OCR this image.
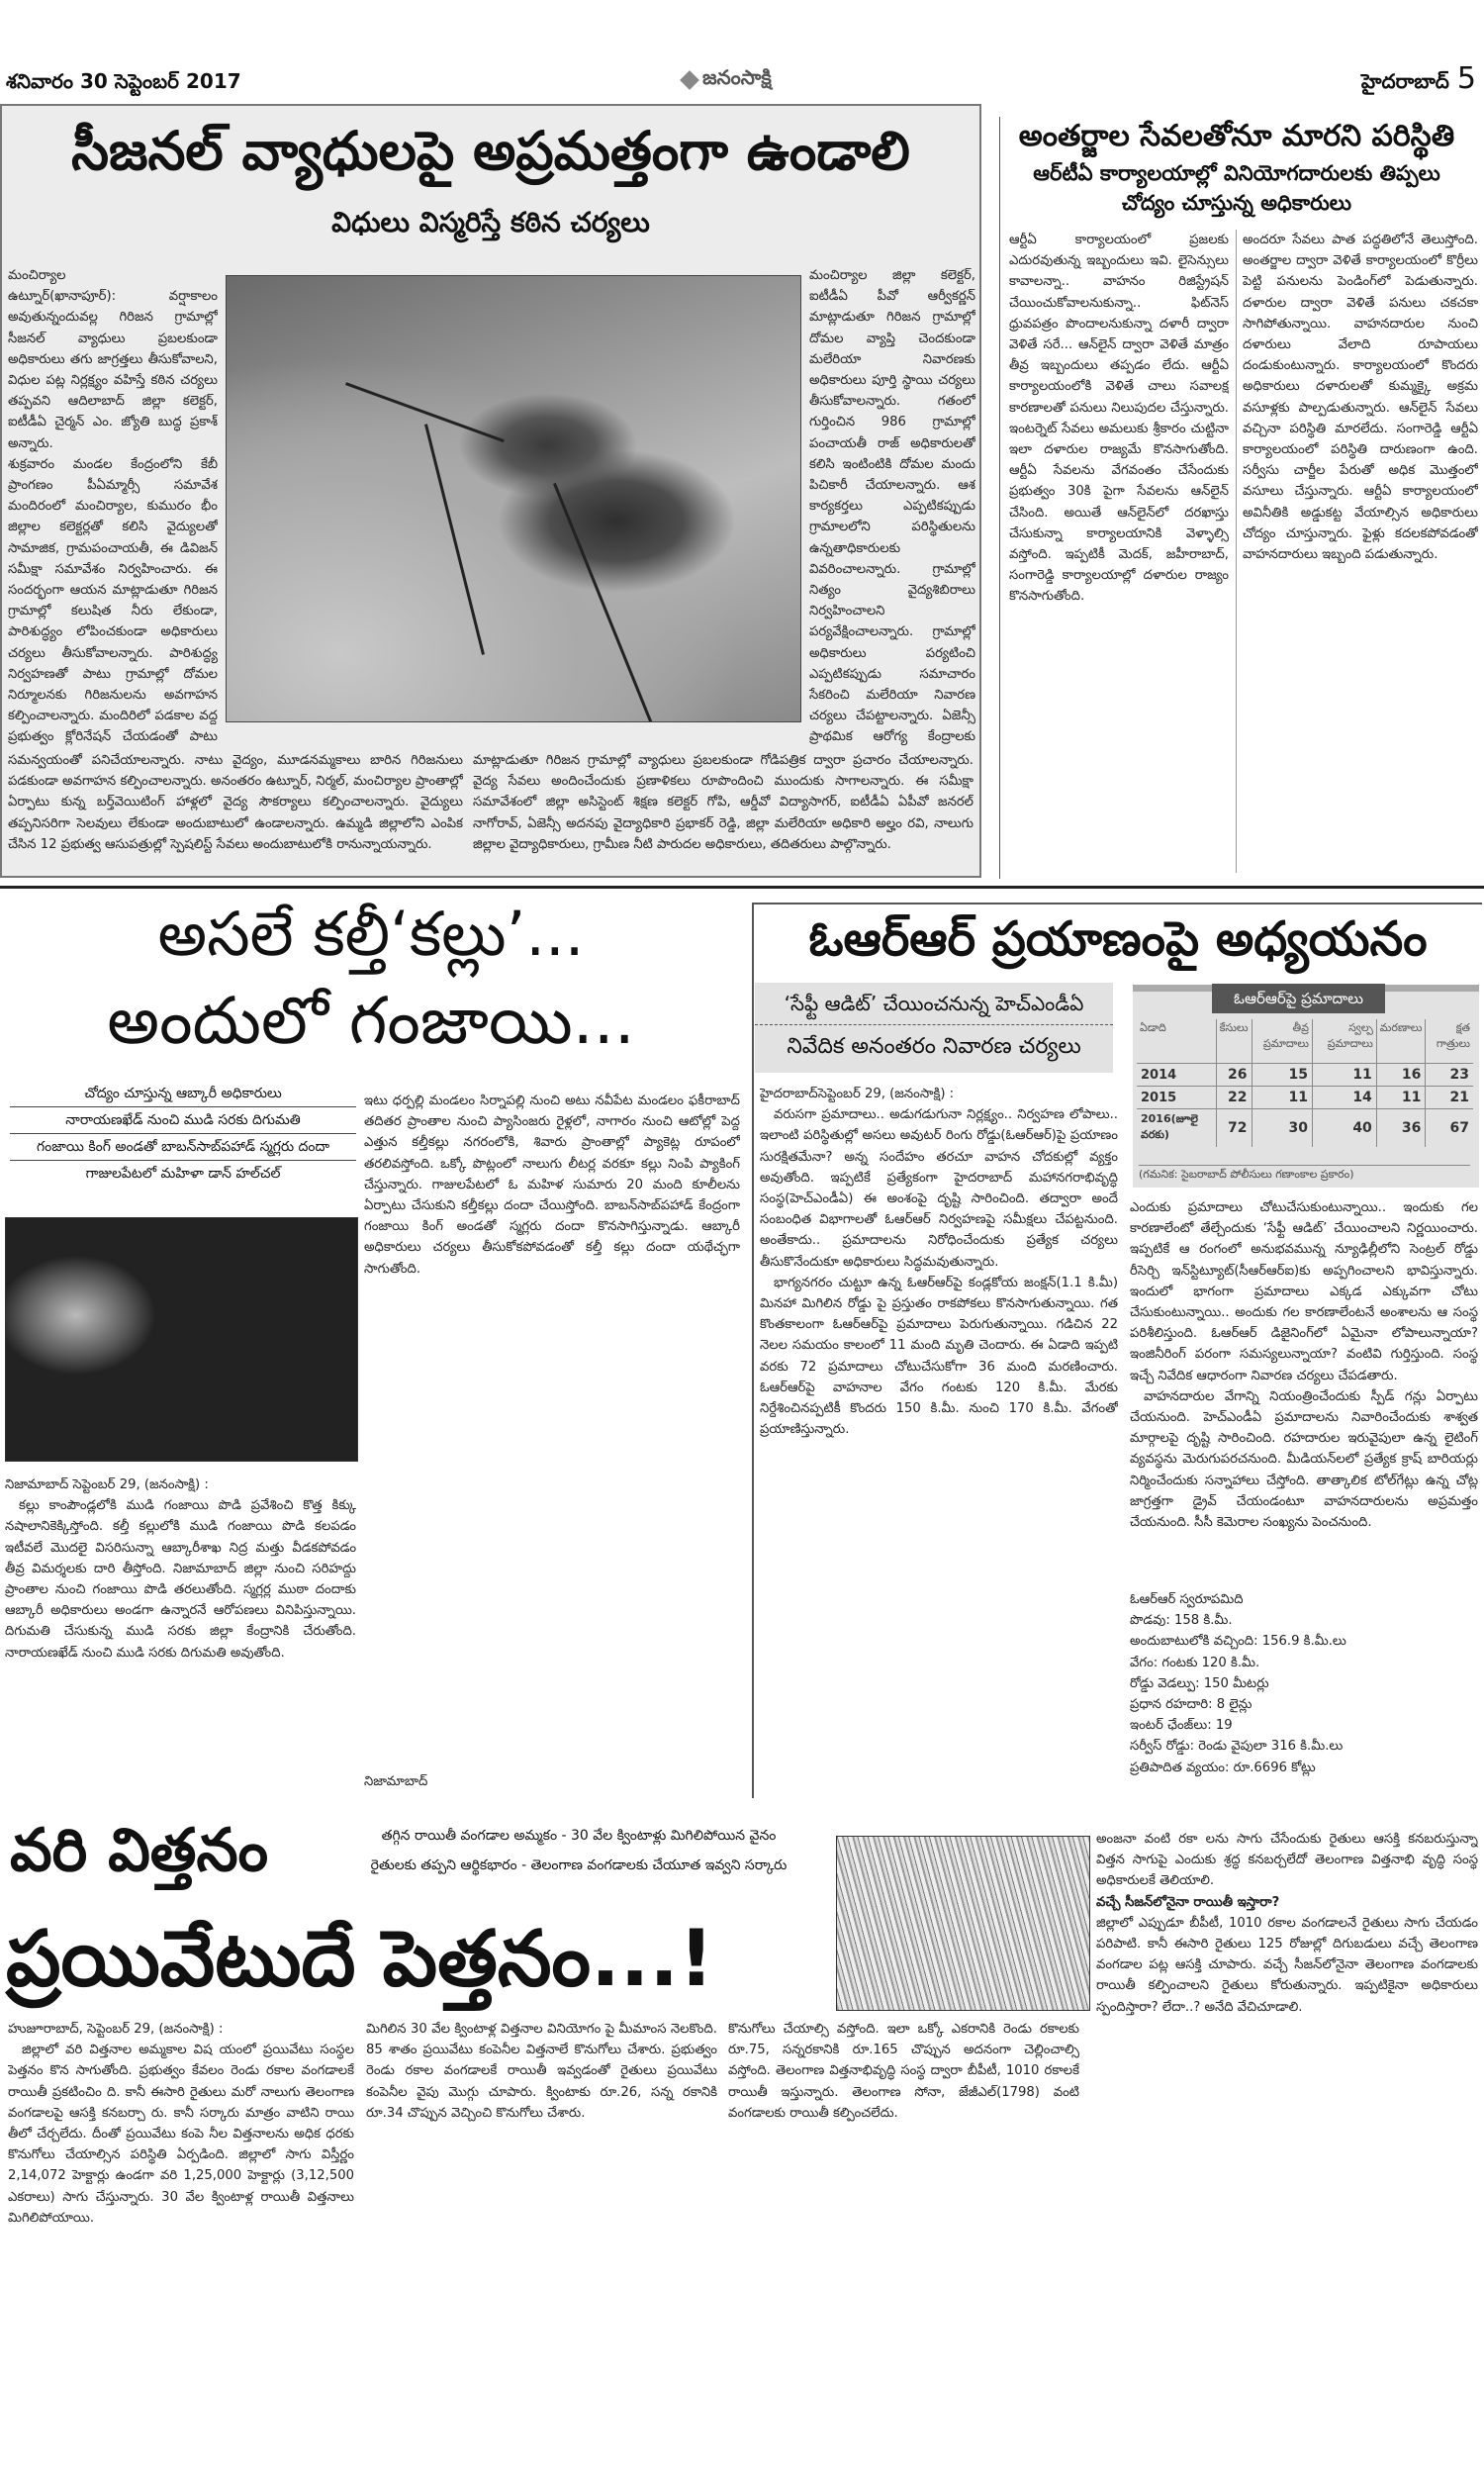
శనివారం 30 సెప్టెంబర్ 2017	జనంసాక్షి	హైదరాబాద్ 5
సీజనల్ వ్యాధులపై అప్రమత్తంగా ఉండాలి
విధులు విస్మరిస్తే కఠిన చర్యలు

మంచిర్యాల

ఉట్నూర్(ఖానాపూర్): వర్షాకాలం అవుతున్నందువల్ల గిరిజన గ్రామాల్లో సీజనల్ వ్యాధులు ప్రబలకుండా అధికారులు తగు జాగ్రత్తలు తీసుకోవాలని, విధుల పట్ల నిర్లక్ష్యం వహిస్తే కఠిన చర్యలు తప్పవని ఆదిలాబాద్ జిల్లా కలెక్టర్, ఐటీడీఏ చైర్మన్ ఎం. జ్యోతి బుద్ధ ప్రకాశ్ అన్నారు.

శుక్రవారం మండల కేంద్రంలోని కేబీ ప్రాంగణం పీఏమ్మార్సీ సమావేశ మందిరంలో మంచిర్యాల, కుమురం భీం జిల్లాల కలెక్టర్లతో కలిసి వైద్యులతో సామాజిక, గ్రామపంచాయతీ, ఈ డివిజన్ సమీక్షా సమావేశం నిర్వహించారు. ఈ సందర్భంగా ఆయన మాట్లాడుతూ గిరిజన గ్రామాల్లో కలుషిత నీరు లేకుండా, పారిశుద్ధ్యం లోపించకుండా అధికారులు చర్యలు తీసుకోవాలన్నారు. పారిశుద్ధ్య నిర్వహణతో పాటు గ్రామాల్లో దోమల నిర్మూలనకు గిరిజనులను అవగాహన కల్పించాలన్నారు. మందిరిలో పడకాల వద్ద ప్రభుత్వం క్లోరినేషన్ చేయడంతో పాటు

మంచిర్యాల జిల్లా కలెక్టర్, ఐటీడీఏ పీవో ఆర్వీకర్ణన్ మాట్లాడుతూ గిరిజన గ్రామాల్లో దోమల వ్యాప్తి చెందకుండా మలేరియా నివారణకు అధికారులు పూర్తి స్థాయి చర్యలు తీసుకోవాలన్నారు. గతంలో గుర్తించిన 986 గ్రామాల్లో పంచాయతీ రాజ్ అధికారులతో కలిసి ఇంటింటికి దోమల మందు పిచికారీ చేయాలన్నారు. ఆశ కార్యకర్తలు ఎప్పటికప్పుడు గ్రామాలలోని పరిస్థితులను ఉన్నతాధికారులకు వివరించాలన్నారు. గ్రామాల్లో నిత్యం వైద్యశిబిరాలు నిర్వహించాలని పర్యవేక్షించాలన్నారు. గ్రామాల్లో అధికారులు పర్యటించి ఎప్పటికప్పుడు సమాచారం సేకరించి మలేరియా నివారణ చర్యలు చేపట్టాలన్నారు. ఏజెన్సీ ప్రాథమిక ఆరోగ్య కేంద్రాలకు

సమన్వయంతో పనిచేయాలన్నారు. నాటు వైద్యం, మూడనమ్మకాలు బారిన గిరిజనులు పడకుండా అవగాహన కల్పించాలన్నారు. అనంతరం ఉట్నూర్, నిర్మల్, మంచిర్యాల ప్రాంతాల్లో ఏర్పాటు కున్న బర్త్‌వెయిటింగ్ హాళ్లలో వైద్య సౌకర్యాలు కల్పించాలన్నారు. వైద్యులు తప్పనిసరిగా సెలవులు లేకుండా అందుబాటులో ఉండాలన్నారు. ఉమ్మడి జిల్లాలోని ఎంపిక చేసిన 12 ప్రభుత్వ ఆసుపత్రుల్లో స్పెషలిస్ట్ సేవలు అందుబాటులోకి రానున్నాయన్నారు.

మాట్లాడుతూ గిరిజన గ్రామాల్లో వ్యాధులు ప్రబలకుండా గోడిపత్రిక ద్వారా ప్రచారం చేయాలన్నారు. వైద్య సేవలు అందించేందుకు ప్రణాళికలు రూపొందించి ముందుకు సాగాలన్నారు. ఈ సమీక్షా సమావేశంలో జిల్లా అసిస్టెంట్ శిక్షణ కలెక్టర్ గోపి, ఆర్డీవో విద్యాసాగర్, ఐటీడీఏ ఏపీవో జనరల్ నాగోరావ్, ఏజెన్సీ అదనపు వైద్యాధికారి ప్రభాకర్ రెడ్డి, జిల్లా మలేరియా అధికారి అల్హం రవి, నాలుగు జిల్లాల వైద్యాధికారులు, గ్రామీణ నీటి పారుదల అధికారులు, తదితరులు పాల్గొన్నారు.

అంతర్జాల సేవలతోనూ మారని పరిస్థితి
ఆర్‌టీఏ కార్యాలయాల్లో వినియోగదారులకు తిప్పలు
చోద్యం చూస్తున్న అధికారులు

ఆర్టీఏ కార్యాలయంలో ప్రజలకు ఎదురవుతున్న ఇబ్బందులు ఇవి. లైసెన్సులు కావాలన్నా.. వాహనం రిజిస్ట్రేషన్ చేయించుకోవాలనుకున్నా.. ఫిట్‌నెస్ ధ్రువపత్రం పొందాలనుకున్నా దళారీ ద్వారా వెళితే సరే... ఆన్‌లైన్ ద్వారా వెళితే మాత్రం తీవ్ర ఇబ్బందులు తప్పడం లేదు. ఆర్టీఏ కార్యాలయంలోకి వెళితే చాలు సవాలక్ష కారణాలతో పనులు నిలుపుదల చేస్తున్నారు. ఇంటర్నెట్ సేవలు అమలుకు శ్రీకారం చుట్టినా ఇలా దళారుల రాజ్యమే కొనసాగుతోంది. ఆర్టీఏ సేవలను వేగవంతం చేసేందుకు ప్రభుత్వం 30కి పైగా సేవలను ఆన్‌లైన్ చేసింది. అయితే ఆన్‌లైన్‌లో దరఖాస్తు చేసుకున్నా కార్యాలయానికి వెళ్ళాల్సి వస్తోంది. ఇప్పటికీ మెదక్, జహీరాబాద్, సంగారెడ్డి కార్యాలయాల్లో దళారుల రాజ్యం కొనసాగుతోంది.

అందరూ సేవలు పాత పద్ధతిలోనే తెలుస్తోంది. అంతర్జాల ద్వారా వెళితే కార్యాలయంలో కొర్రీలు పెట్టి పనులను పెండింగ్‌లో పెడుతున్నారు. దళారుల ద్వారా వెళితే పనులు చకచకా సాగిపోతున్నాయి. వాహనదారుల నుంచి దళారులు వేలాది రూపాయలు దండుకుంటున్నారు. కార్యాలయంలో కొందరు అధికారులు దళారులతో కుమ్మక్కై అక్రమ వసూళ్లకు పాల్పడుతున్నారు. ఆన్‌లైన్ సేవలు వచ్చినా పరిస్థితి మారలేదు. సంగారెడ్డి ఆర్టీఏ కార్యాలయంలో పరిస్థితి దారుణంగా ఉంది. సర్వీసు చార్జీల పేరుతో అధిక మొత్తంలో వసూలు చేస్తున్నారు. ఆర్టీఏ కార్యాలయంలో అవినీతికి అడ్డుకట్ట వేయాల్సిన అధికారులు చోద్యం చూస్తున్నారు. ఫైళ్లు కదలకపోవడంతో వాహనదారులు ఇబ్బంది పడుతున్నారు.

అసలే కల్తీ‘కల్లు’...
అందులో గంజాయి...
చోద్యం చూస్తున్న ఆబ్కారీ అధికారులు
నారాయణఖేడ్ నుంచి ముడి సరకు దిగుమతి
గంజాయి కింగ్ అండతో బాబన్‌సాబ్‌పహాడ్ స్మగ్లరు దందా
గాజులపేటలో మహిళా డాన్ హల్‌చల్

నిజామాబాద్ సెప్టెంబర్ 29, (జనంసాక్షి) :

కల్లు కాంపౌండ్లలోకి ముడి గంజాయి పొడి ప్రవేశించి కొత్త కిక్కు నషాలానికెక్కిస్తోంది. కల్తీ కల్లులోకి ముడి గంజాయి పొడి కలపడం ఇటీవలే మొదలై విసరిసున్నా ఆబ్కారీశాఖ నిద్ర మత్తు వీడకపోవడం తీవ్ర విమర్శలకు దారి తీస్తోంది. నిజామాబాద్ జిల్లా నుంచి సరిహద్దు ప్రాంతాల నుంచి గంజాయి పొడి తరలుతోంది. స్మగ్లర్ల ముఠా దందాకు ఆబ్కారీ అధికారులు అండగా ఉన్నారనే ఆరోపణలు వినిపిస్తున్నాయి. దిగుమతి చేసుకున్న ముడి సరకు జిల్లా కేంద్రానికి చేరుతోంది. నారాయణఖేడ్ నుంచి ముడి సరకు దిగుమతి అవుతోంది.

ఇటు ధర్పల్లి మండలం సిర్నాపల్లి నుంచి అటు నవీపేట మండలం ఫకీరాబాద్ తదితర ప్రాంతాల నుంచి ప్యాసింజరు రైళ్లలో, నాగారం నుంచి ఆటోల్లో పెద్ద ఎత్తున కల్తీకల్లు నగరంలోకి, శివారు ప్రాంతాల్లో ప్యాకెట్ల రూపంలో తరలివస్తోంది. ఒక్కో పొట్లంలో నాలుగు లీటర్ల వరకూ కల్లు నింపి ప్యాకింగ్ చేస్తున్నారు. గాజులపేటలో ఓ మహిళ సుమారు 20 మంది కూలీలను ఏర్పాటు చేసుకుని కల్తీకల్లు దందా చేయిస్తోంది. బాబన్‌సాబ్‌పహాడ్ కేంద్రంగా గంజాయి కింగ్ అండతో స్మగ్లరు దందా కొనసాగిస్తున్నాడు. ఆబ్కారీ అధికారులు చర్యలు తీసుకోకపోవడంతో కల్తీ కల్లు దందా యథేచ్ఛగా సాగుతోంది.

నిజామాబాద్
ఓఆర్ఆర్ ప్రయాణంపై అధ్యయనం
‘సేఫ్టీ ఆడిట్’ చేయించనున్న హెచ్ఎండీఏ
నివేదిక అనంతరం నివారణ చర్యలు
ఓఆర్ఆర్‌పై ప్రమాదాలు
ఏడాది	కేసులు	తీవ్ర ప్రమాదాలు	స్వల్ప ప్రమాదాలు	మరణాలు	క్షత గాత్రులు
2014	26	15	11	16	23
2015	22	11	14	11	21
2016(జూలై వరకు)	72	30	40	36	67
(గమనిక: సైబరాబాద్ పోలీసులు గణాంకాల ప్రకారం)

హైదరాబాద్‌సెప్టెంబర్ 29, (జనంసాక్షి) :

వరుసగా ప్రమాదాలు.. అడుగడుగునా నిర్లక్ష్యం.. నిర్వహణ లోపాలు.. ఇలాంటి పరిస్థితుల్లో అసలు అవుటర్ రింగు రోడ్డు(ఓఆర్ఆర్)పై ప్రయాణం సురక్షితమేనా? అన్న సందేహం తరచూ వాహన చోదకుల్లో వ్యక్తం అవుతోంది. ఇప్పటికే ప్రత్యేకంగా హైదరాబాద్ మహానగరాభివృద్ధి సంస్థ(హెచ్‌ఎండీఏ) ఈ అంశంపై దృష్టి సారించింది. తద్వారా అందే సంబంధిత విభాగాలతో ఓఆర్ఆర్ నిర్వహణపై సమీక్షలు చేపట్టనుంది. అంతేకాదు.. ప్రమాదాలను నిరోధించేందుకు ప్రత్యేక చర్యలు తీసుకొనేందుకూ అధికారులు సిద్ధమవుతున్నారు.

భాగ్యనగరం చుట్టూ ఉన్న ఓఆర్ఆర్‌పై కండ్లకోయ జంక్షన్(1.1 కి.మీ) మినహా మిగిలిన రోడ్డు పై ప్రస్తుతం రాకపోకలు కొనసాగుతున్నాయి. గత కొంతకాలంగా ఓఆర్ఆర్‌పై ప్రమాదాలు పెరుగుతున్నాయి. గడిచిన 22 నెలల సమయం కాలంలో 11 మంది మృతి చెందారు. ఈ ఏడాది ఇప్పటి వరకు 72 ప్రమాదాలు చోటుచేసుకోగా 36 మంది మరణించారు. ఓఆర్ఆర్‌పై వాహనాల వేగం గంటకు 120 కి.మీ. మేరకు నిర్దేశించినప్పటికీ కొందరు 150 కి.మీ. నుంచి 170 కి.మీ. వేగంతో ప్రయాణిస్తున్నారు.

ఎందుకు ప్రమాదాలు చోటుచేసుకుంటున్నాయి.. ఇందుకు గల కారణాలేంటో తేల్చేందుకు ‘సేఫ్టీ ఆడిట్’ చేయించాలని నిర్ణయించారు. ఇప్పటికే ఆ రంగంలో అనుభవమున్న న్యూఢిల్లీలోని సెంట్రల్ రోడ్డు రీసెర్చి ఇన్‌స్టిట్యూట్(సీఆర్‌ఆర్‌ఐ)కు అప్పగించాలని భావిస్తున్నారు. ఇందులో భాగంగా ప్రమాదాలు ఎక్కడ ఎక్కువగా చోటు చేసుకుంటున్నాయి.. అందుకు గల కారణాలేంటనే అంశాలను ఆ సంస్థ పరిశీలిస్తుంది. ఓఆర్ఆర్ డిజైనింగ్‌లో ఏమైనా లోపాలున్నాయా? ఇంజినీరింగ్ పరంగా సమస్యలున్నాయా? వంటివి గుర్తిస్తుంది. సంస్థ ఇచ్చే నివేదిక ఆధారంగా నివారణ చర్యలు చేపడతారు.

వాహనదారుల వేగాన్ని నియంత్రించేందుకు స్పీడ్ గన్లు ఏర్పాటు చేయనుంది. హెచ్‌ఎండీఏ ప్రమాదాలను నివారించేందుకు శాశ్వత మార్గాలపై దృష్టి సారించింది. రహదారుల ఇరువైపులా ఉన్న లైటింగ్ వ్యవస్థను మెరుగుపరచనుంది. మీడియన్‌లలో ప్రత్యేక క్రాష్ బారియర్లు నిర్మించేందుకు సన్నాహాలు చేస్తోంది. తాత్కాలిక టోల్‌గేట్లు ఉన్న చోట్ల జాగ్రత్తగా డ్రైవ్ చేయండంటూ వాహనదారులను అప్రమత్తం చేయనుంది. సీసీ కెమెరాల సంఖ్యను పెంచనుంది.

ఓఆర్ఆర్ స్వరూపమిది

పొడవు: 158 కి.మీ.

అందుబాటులోకి వచ్చింది: 156.9 కి.మీ.లు

వేగం: గంటకు 120 కి.మీ.

రోడ్డు వెడల్పు: 150 మీటర్లు

ప్రధాన రహదారి: 8 లైన్లు

ఇంటర్ ఛేంజ్‌లు: 19

సర్వీస్ రోడ్డు: రెండు వైపులా 316 కి.మీ.లు

ప్రతిపాదిత వ్యయం: రూ.6696 కోట్లు

వరి విత్తనం	తగ్గిన రాయితీ వంగడాల అమ్మకం - 30 వేల క్వింటాళ్లు మిగిలిపోయిన వైనం
రైతులకు తప్పని ఆర్థికభారం - తెలంగాణ వంగడాలకు చేయూత ఇవ్వని సర్కారు
ప్రయివేటుదే పెత్తనం...!

హుజూరాబాద్, సెప్టెంబర్ 29, (జనంసాక్షి) :

జిల్లాలో వరి విత్తనాల అమ్మకాల విష యంలో ప్రయివేటు సంస్థల పెత్తనం కొన సాగుతోంది. ప్రభుత్వం కేవలం రెండు రకాల వంగడాలకే రాయితీ ప్రకటించిం ది. కానీ ఈసారి రైతులు మరో నాలుగు తెలంగాణ వంగడాలపై ఆసక్తి కనబర్చా రు. కానీ సర్కారు మాత్రం వాటిని రాయి తీలో చేర్చలేదు. దీంతో ప్రయివేటు కంపె నీల విత్తనాలను అధిక ధరకు కొనుగోలు చేయాల్సిన పరిస్థితి ఏర్పడింది. జిల్లాలో సాగు విస్తీర్ణం 2,14,072 హెక్టార్లు ఉండగా వరి 1,25,000 హెక్టార్లు (3,12,500 ఎకరాలు) సాగు చేస్తున్నారు. 30 వేల క్వింటాళ్ల రాయితీ విత్తనాలు మిగిలిపోయాయి.

మిగిలిన 30 వేల క్వింటాళ్ల విత్తనాల వినియోగం పై మీమాంస నెలకొంది. 85 శాతం ప్రయివేటు కంపెనీల విత్తనాలే కొనుగోలు చేశారు. ప్రభుత్వం రెండు రకాల వంగడాలకే రాయితీ ఇవ్వడంతో రైతులు ప్రయివేటు కంపెనీల వైపు మొగ్గు చూపారు. క్వింటాకు రూ.26, సన్న రకానికి రూ.34 చొప్పున వెచ్చించి కొనుగోలు చేశారు.

కొనుగోలు చేయాల్సి వస్తోంది. ఇలా ఒక్కో ఎకరానికి రెండు రకాలకు రూ.75, సన్నరకానికి రూ.165 చొప్పున అదనంగా చెల్లించాల్సి వస్తోంది. తెలంగాణ విత్తనాభివృద్ధి సంస్థ ద్వారా బీపీటీ, 1010 రకాలకే రాయితీ ఇస్తున్నారు. తెలంగాణ సోనా, జేజీఎల్(1798) వంటి వంగడాలకు రాయితీ కల్పించలేదు.

అంజనా వంటి రకా లను సాగు చేసేందుకు రైతులు ఆసక్తి కనబరుస్తున్నా విత్తన సాగుపై ఎందుకు శ్రద్ధ కనబర్చలేదో తెలంగాణ విత్తనాభి వృద్ధి సంస్థ అధికారులకే తెలియాలి.

వచ్చే సీజన్‌లోనైనా రాయితీ ఇస్తారా?

జిల్లాలో ఎప్పుడూ బీపీటీ, 1010 రకాల వంగడాలనే రైతులు సాగు చేయడం పరిపాటి. కానీ ఈసారి రైతులు 125 రోజుల్లో దిగుబడులు వచ్చే తెలంగాణ వంగడాల పట్ల ఆసక్తి చూపారు. వచ్చే సీజన్‌లోనైనా తెలంగాణ వంగడాలకు రాయితీ కల్పించాలని రైతులు కోరుతున్నారు. ఇప్పటికైనా అధికారులు స్పందిస్తారా? లేదా..? అనేది వేచిచూడాలి.
